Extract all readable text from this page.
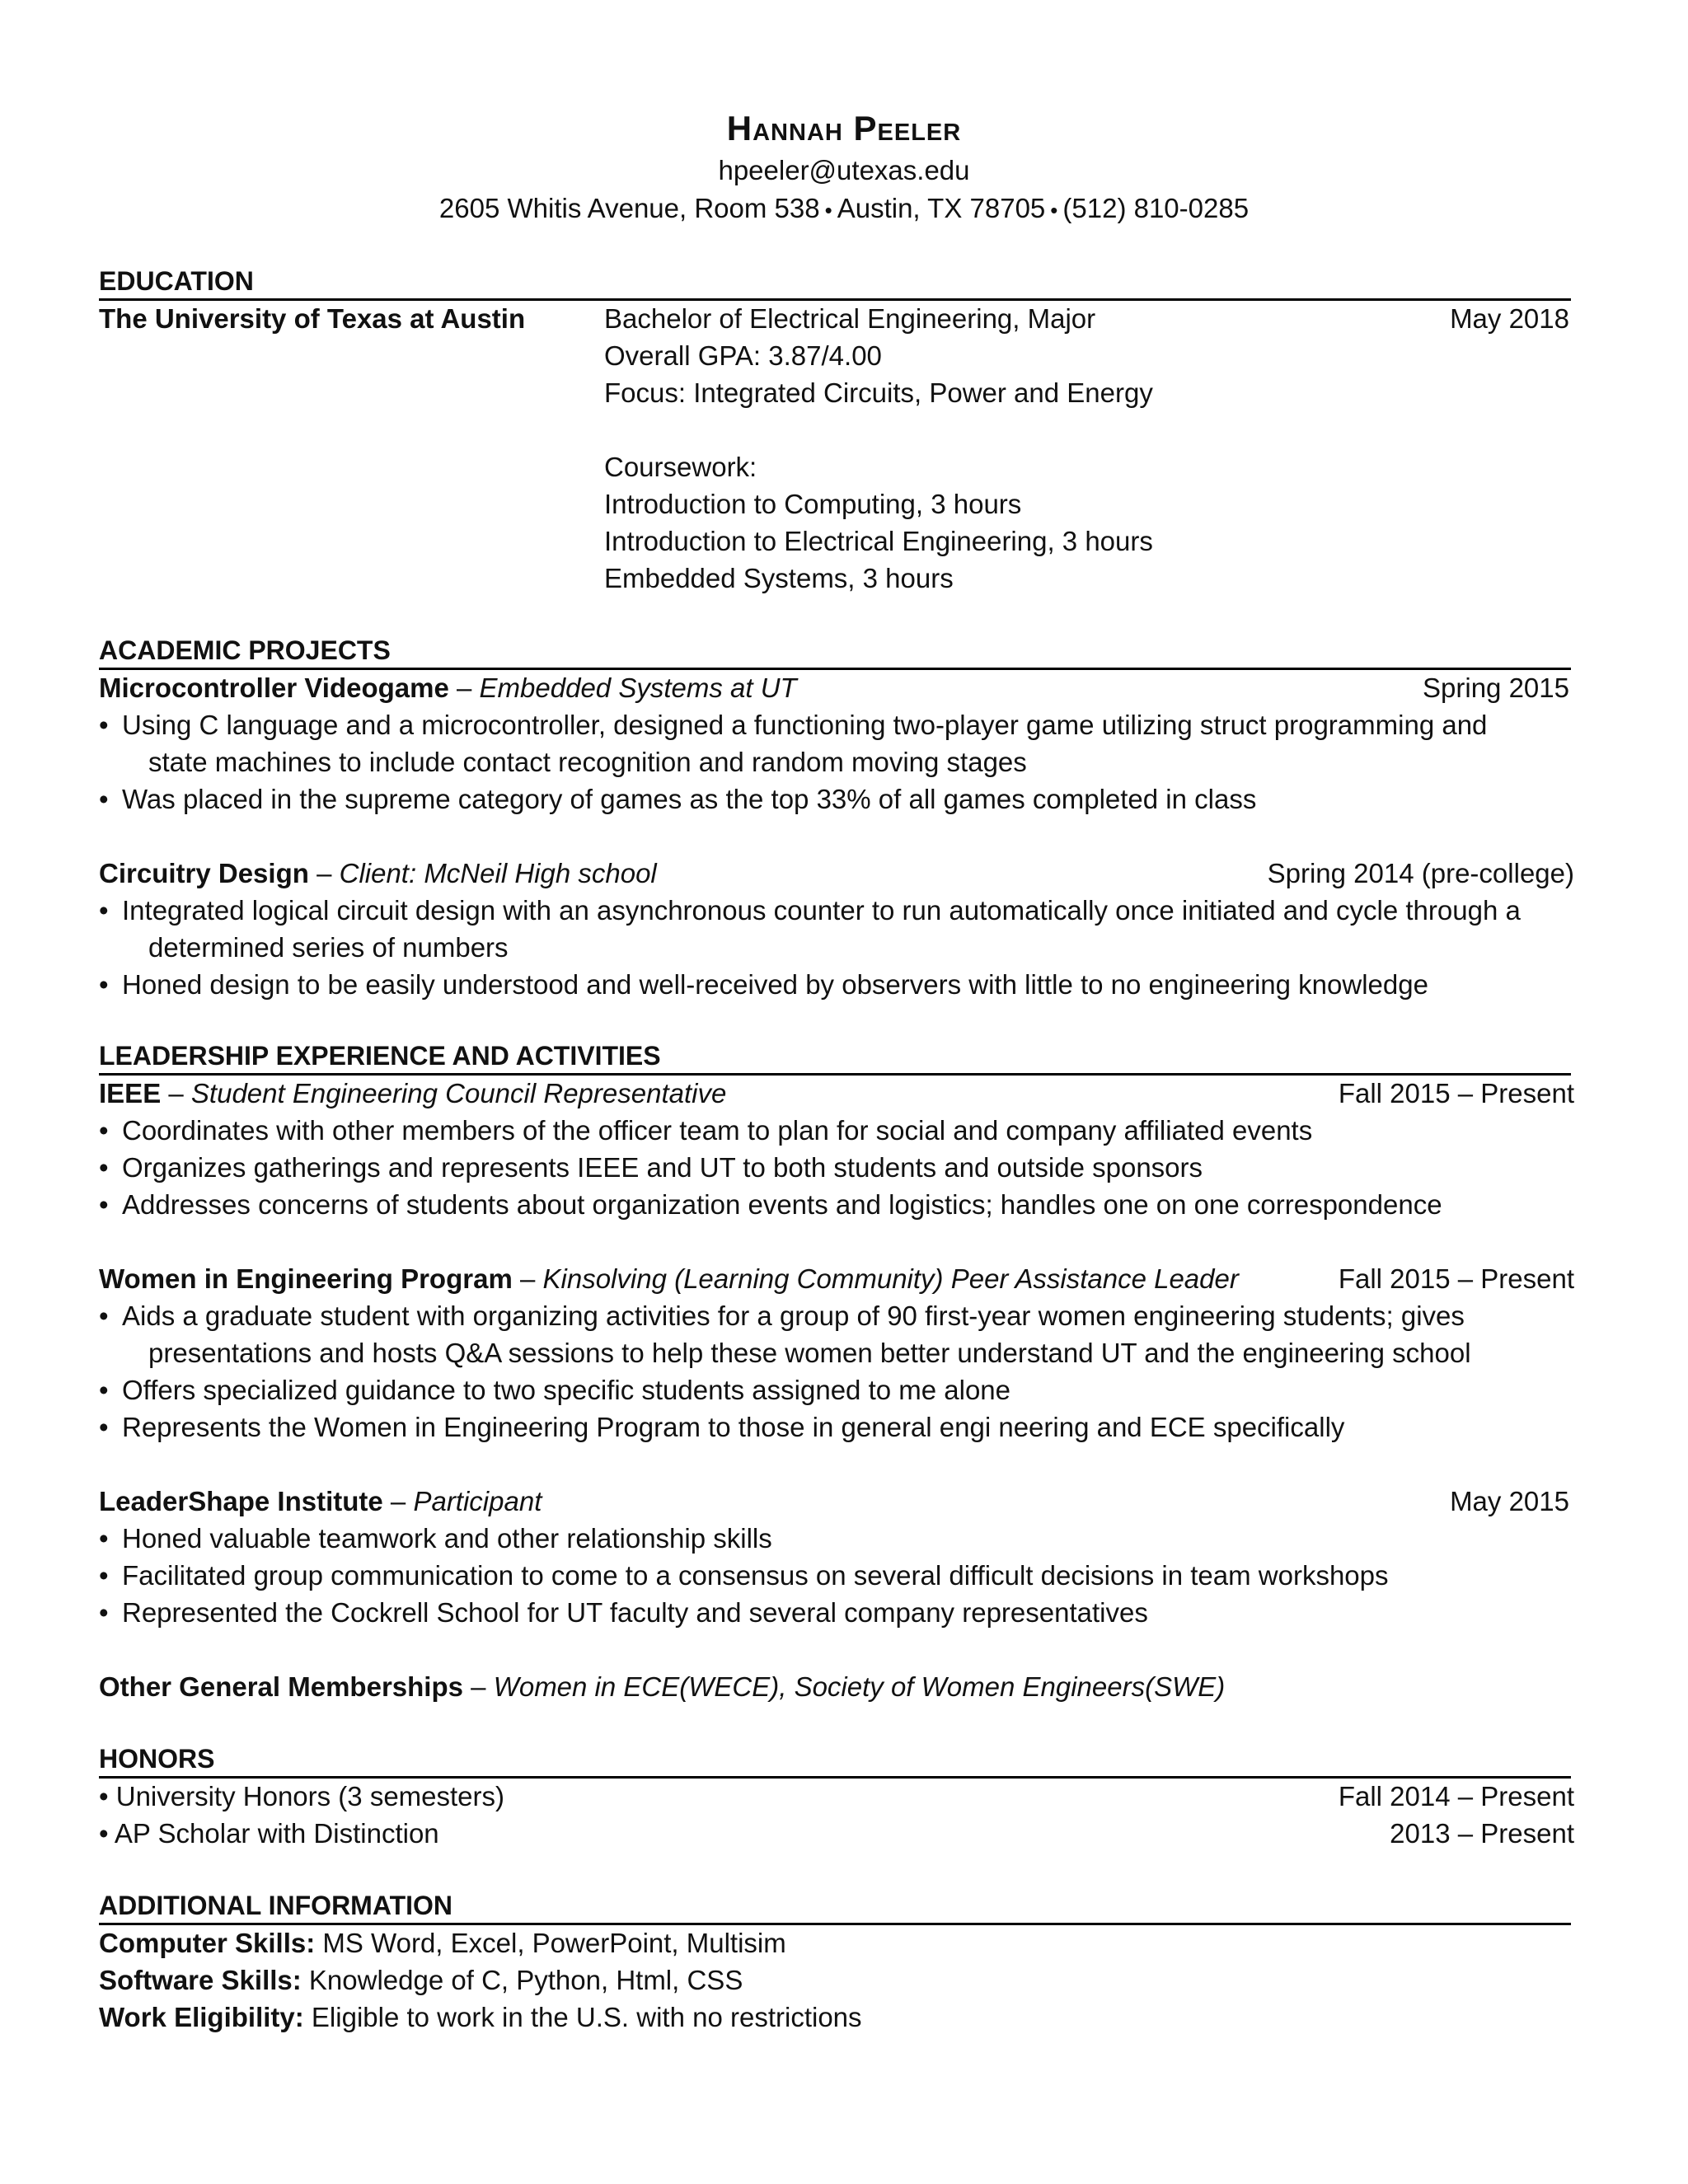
Hannah Peeler
hpeeler@utexas.edu
2605 Whitis Avenue, Room 538 • Austin, TX 78705 • (512) 810-0285
EDUCATION
The University of Texas at Austin	Bachelor of Electrical Engineering, Major	May 2018
Overall GPA: 3.87/4.00
Focus: Integrated Circuits, Power and Energy
Coursework:
Introduction to Computing, 3 hours
Introduction to Electrical Engineering, 3 hours
Embedded Systems, 3 hours
ACADEMIC PROJECTS
Microcontroller Videogame – Embedded Systems at UT	Spring 2015
• Using C language and a microcontroller, designed a functioning two-player game utilizing struct programming and
state machines to include contact recognition and random moving stages
• Was placed in the supreme category of games as the top 33% of all games completed in class
Circuitry Design – Client: McNeil High school	Spring 2014 (pre-college)
• Integrated logical circuit design with an asynchronous counter to run automatically once initiated and cycle through a
determined series of numbers
• Honed design to be easily understood and well-received by observers with little to no engineering knowledge
LEADERSHIP EXPERIENCE AND ACTIVITIES
IEEE – Student Engineering Council Representative	Fall 2015 – Present
• Coordinates with other members of the officer team to plan for social and company affiliated events
• Organizes gatherings and represents IEEE and UT to both students and outside sponsors
• Addresses concerns of students about organization events and logistics; handles one on one correspondence
Women in Engineering Program – Kinsolving (Learning Community) Peer Assistance Leader	Fall 2015 – Present
• Aids a graduate student with organizing activities for a group of 90 first-year women engineering students; gives
presentations and hosts Q&A sessions to help these women better understand UT and the engineering school
• Offers specialized guidance to two specific students assigned to me alone
• Represents the Women in Engineering Program to those in general engi neering and ECE specifically
LeaderShape Institute – Participant	May 2015
• Honed valuable teamwork and other relationship skills
• Facilitated group communication to come to a consensus on several difficult decisions in team workshops
• Represented the Cockrell School for UT faculty and several company representatives
Other General Memberships – Women in ECE(WECE), Society of Women Engineers(SWE)
HONORS
• University Honors (3 semesters)	Fall 2014 – Present
• AP Scholar with Distinction	2013 – Present
ADDITIONAL INFORMATION
Computer Skills: MS Word, Excel, PowerPoint, Multisim
Software Skills: Knowledge of C, Python, Html, CSS
Work Eligibility: Eligible to work in the U.S. with no restrictions
